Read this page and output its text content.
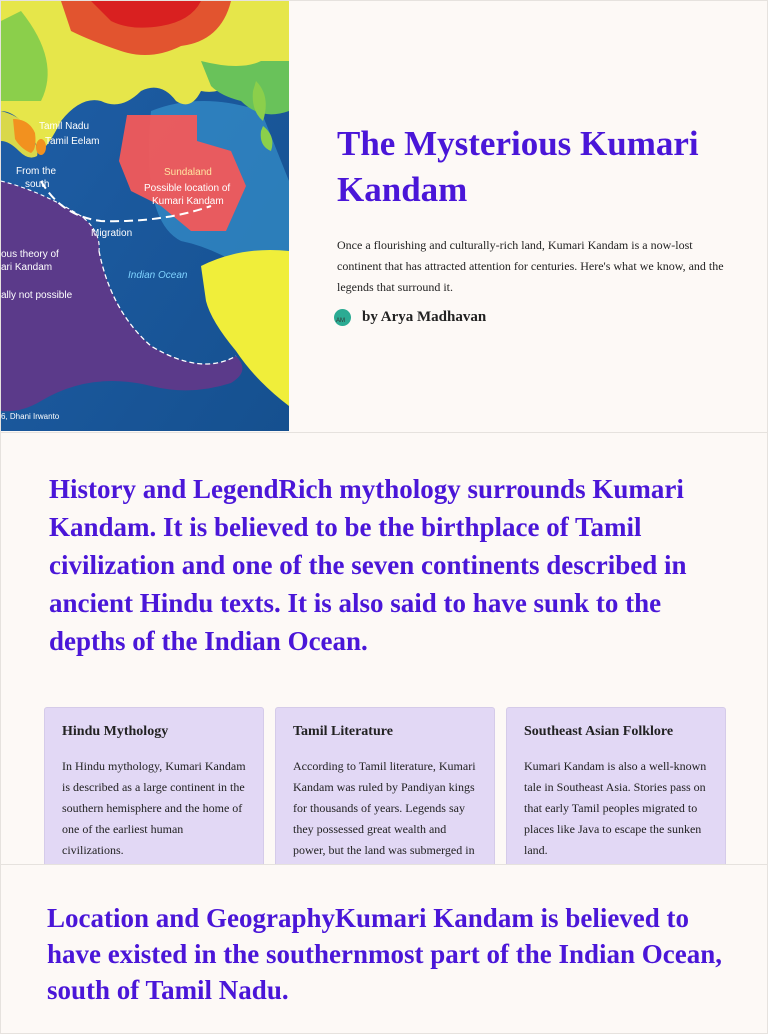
Tamil Nadu
Tamil Eelam
From the
south
Sundaland
Possible location of
Kumari Kandam
Migration
Indian Ocean
ous theory of
ari Kandam
ally not possible
6, Dhani Irwanto
The Mysterious Kumari Kandam

Once a flourishing and culturally-rich land, Kumari Kandam is a now-lost continent that has attracted attention for centuries. Here's what we know, and the legends that surround it.

AM by Arya Madhavan
History and LegendRich mythology surrounds Kumari Kandam. It is believed to be the birthplace of Tamil civilization and one of the seven continents described in ancient Hindu texts. It is also said to have sunk to the depths of the Indian Ocean.

Hindu Mythology

In Hindu mythology, Kumari Kandam is described as a large continent in the southern hemisphere and the home of one of the earliest human civilizations.

Tamil Literature

According to Tamil literature, Kumari Kandam was ruled by Pandiyan kings for thousands of years. Legends say they possessed great wealth and power, but the land was submerged in

Southeast Asian Folklore

Kumari Kandam is also a well-known tale in Southeast Asia. Stories pass on that early Tamil peoples migrated to places like Java to escape the sunken land.

Location and GeographyKumari Kandam is believed to have existed in the southernmost part of the Indian Ocean, south of Tamil Nadu.
